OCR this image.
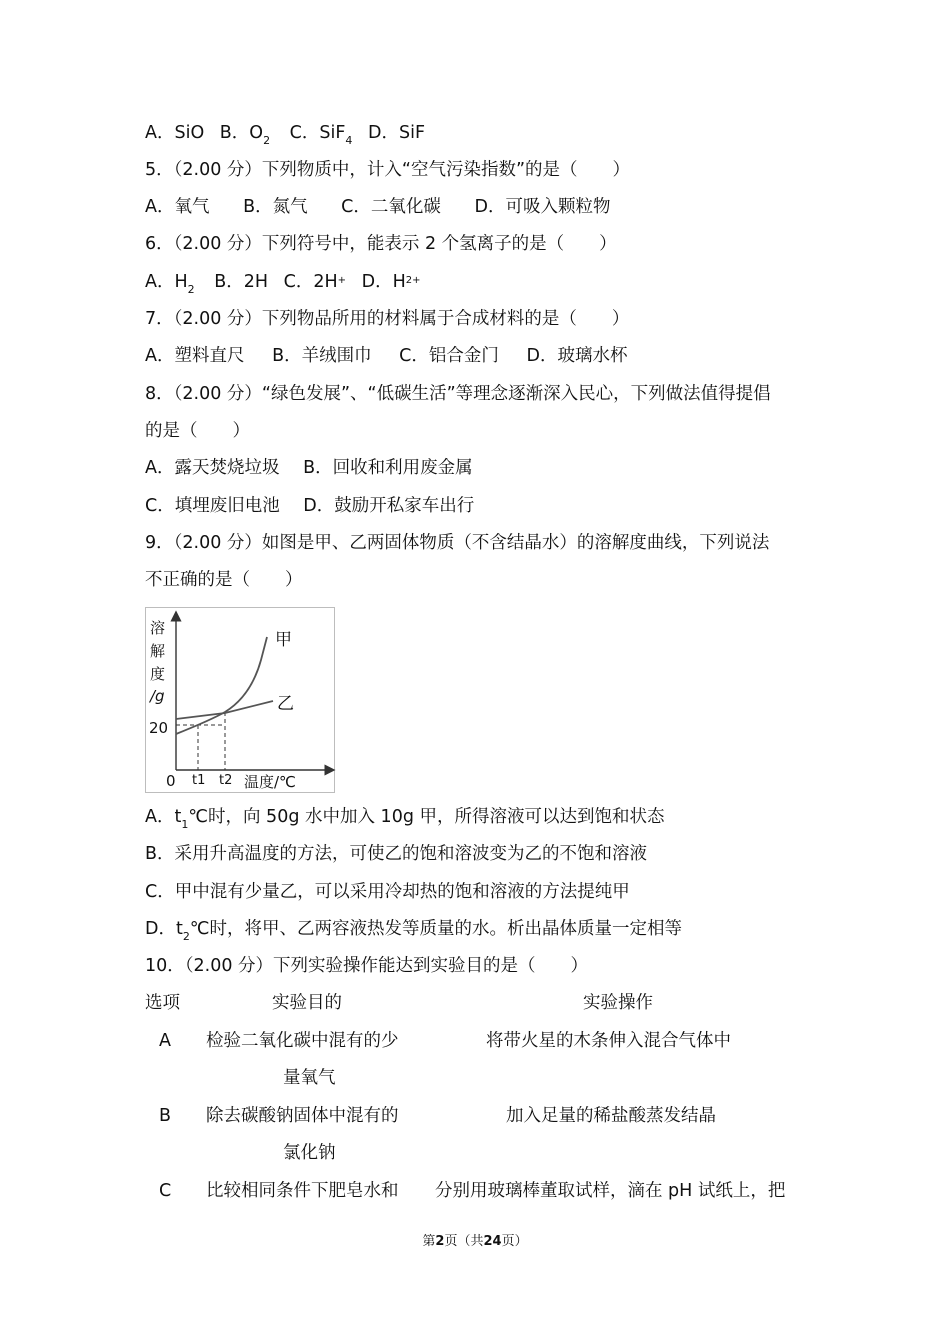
A．SiO B．$O_2$ C．SiF$_4$ D．SiF
5．（2.00 分）下列物质中，计入“空气污染指数”的是（　　）
A．氧气 B．氮气 C．二氧化碳 D．可吸入颗粒物
6．（2.00 分）下列符号中，能表示 2 个氢离子的是（　　）
A．$H_2$ B．2H C．2H+ D．$H^{2+}$
7．（2.00 分）下列物品所用的材料属于合成材料的是（　　）
A．塑料直尺 B．羊绒围巾 C．铝合金门 D．玻璃水杯
8．（2.00 分）“绿色发展”、“低碳生活”等理念逐渐深入民心，下列做法值得提倡
的是（　　）
A．露天焚烧垃圾 B．回收和利用废金属
C．填埋废旧电池 D．鼓励开私家车出行
9．（2.00 分）如图是甲、乙两固体物质（不含结晶水）的溶解度曲线，下列说法
不正确的是（　　）
溶
解
度
/g
20
0 t1 t2 温度/℃
甲
乙
A．$t_1℃$时，向 50g 水中加入 10g 甲，所得溶液可以达到饱和状态
B．采用升高温度的方法，可使乙的饱和溶波变为乙的不饱和溶液
C．甲中混有少量乙，可以采用冷却热的饱和溶液的方法提纯甲
D．$t_2℃$时，将甲、乙两容液热发等质量的水。析出晶体质量一定相等
10．（2.00 分）下列实验操作能达到实验目的是（　　）
选项	实验目的	实验操作
A 检验二氧化碳中混有的少
量氧气
将带火星的木条伸入混合气体中
B 除去碳酸钠固体中混有的
氯化钠
加入足量的稀盐酸蒸发结晶
C 比较相同条件下肥皂水和 分别用玻璃棒董取试样，滴在 pH 试纸上，把
第2页（共24页）
